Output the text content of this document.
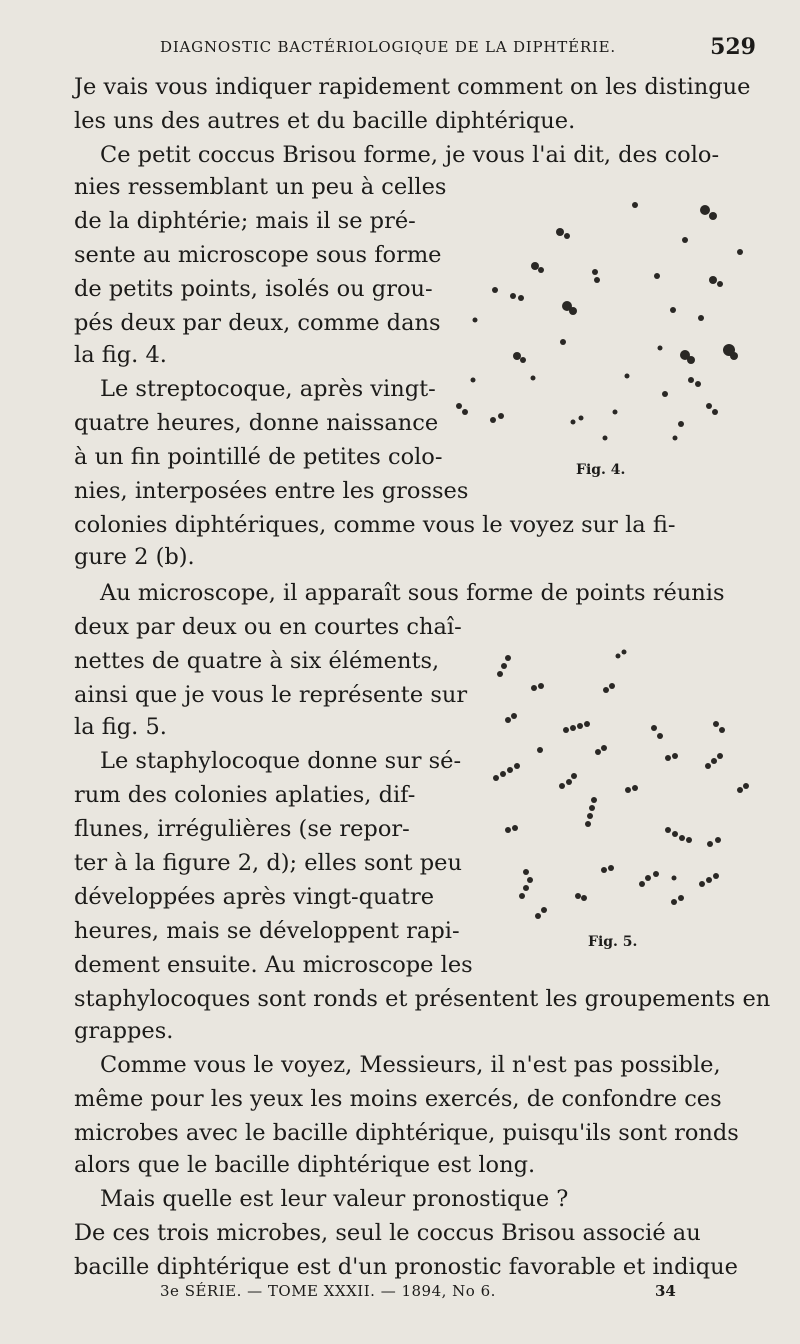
DIAGNOSTIC BACTÉRIOLOGIQUE DE LA DIPHTÉRIE.	529
Je vais vous indiquer rapidement comment on les distingue
les uns des autres et du bacille diphtérique.
Ce petit coccus Brisou forme, je vous l'ai dit, des colo-
nies ressemblant un peu à celles
de la diphtérie; mais il se pré-
sente au microscope sous forme
de petits points, isolés ou grou-
pés deux par deux, comme dans
la fig. 4.
Le streptocoque, après vingt-
quatre heures, donne naissance
à un fin pointillé de petites colo-
nies, interposées entre les grosses
colonies diphtériques, comme vous le voyez sur la fi-
gure 2 (b).
Au microscope, il apparaît sous forme de points réunis
deux par deux ou en courtes chaî-
nettes de quatre à six éléments,
ainsi que je vous le représente sur
la fig. 5.
Le staphylocoque donne sur sé-
rum des colonies aplaties, dif-
flunes, irrégulières (se repor-
ter à la figure 2, d); elles sont peu
développées après vingt-quatre
heures, mais se développent rapi-
dement ensuite. Au microscope les
staphylocoques sont ronds et présentent les groupements en
grappes.
Comme vous le voyez, Messieurs, il n'est pas possible,
même pour les yeux les moins exercés, de confondre ces
microbes avec le bacille diphtérique, puisqu'ils sont ronds
alors que le bacille diphtérique est long.
Mais quelle est leur valeur pronostique ?
De ces trois microbes, seul le coccus Brisou associé au
bacille diphtérique est d'un pronostic favorable et indique
Fig. 4.
Fig. 5.
3e SÉRIE. — TOME XXXII. — 1894, No 6.	34
